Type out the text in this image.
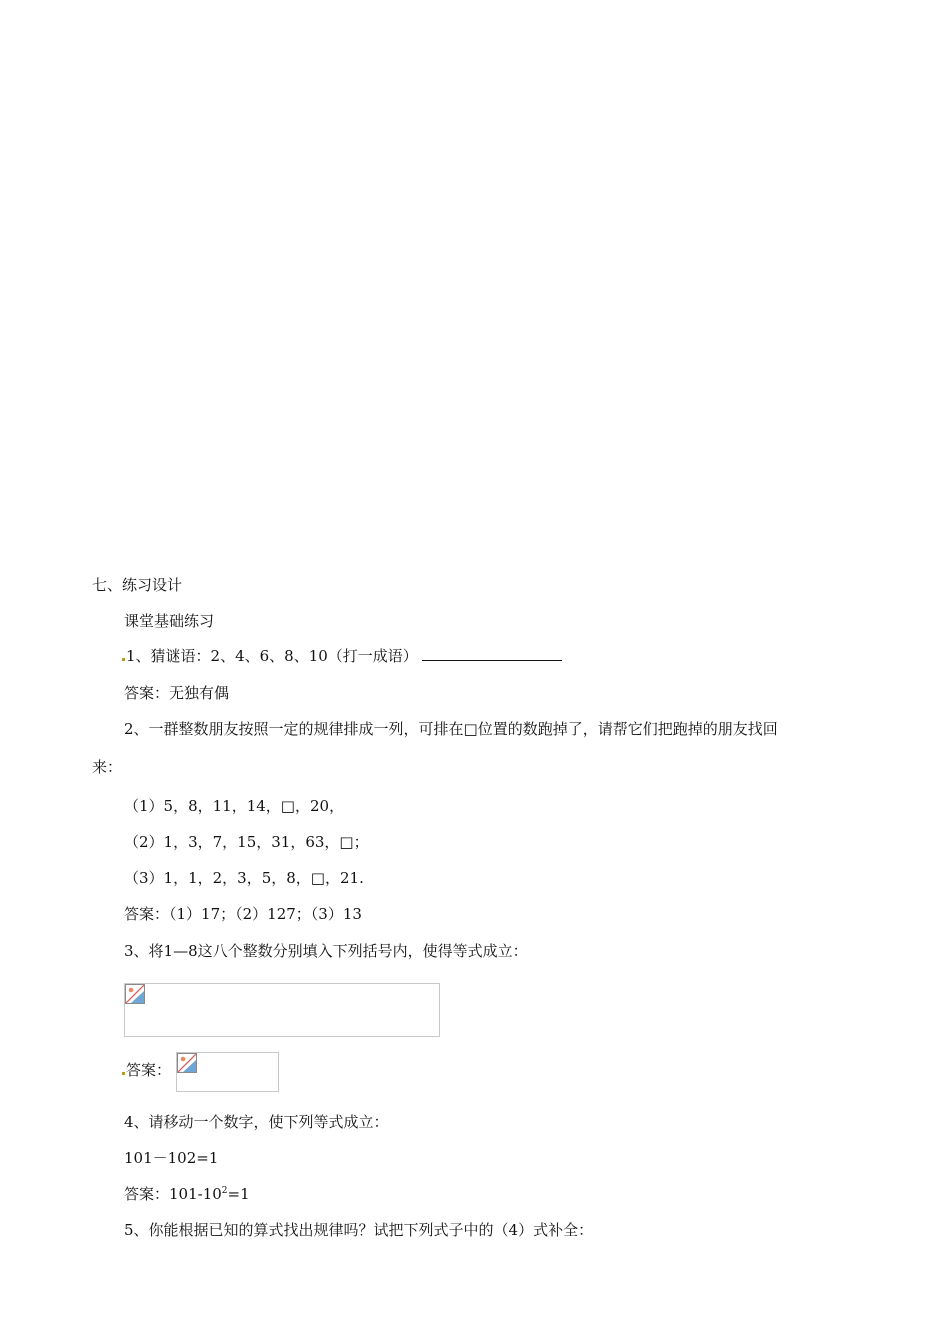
七、练习设计
课堂基础练习
1、猜谜语：2、4、6、8、10（打一成语）
答案：无独有偶
2、一群整数朋友按照一定的规律排成一列，可排在□位置的数跑掉了，请帮它们把跑掉的朋友找回
来：
（1）5，8，11，14，□，20，
（2）1，3，7，15，31，63，□；
（3）1，1，2，3，5，8，□，21.
答案：（1）17；（2）127；（3）13
3、将1—8这八个整数分别填入下列括号内，使得等式成立：
答案：
4、请移动一个数字，使下列等式成立：
101－102=1
答案：$101-10^2=1$
5、你能根据已知的算式找出规律吗？试把下列式子中的（4）式补全：
